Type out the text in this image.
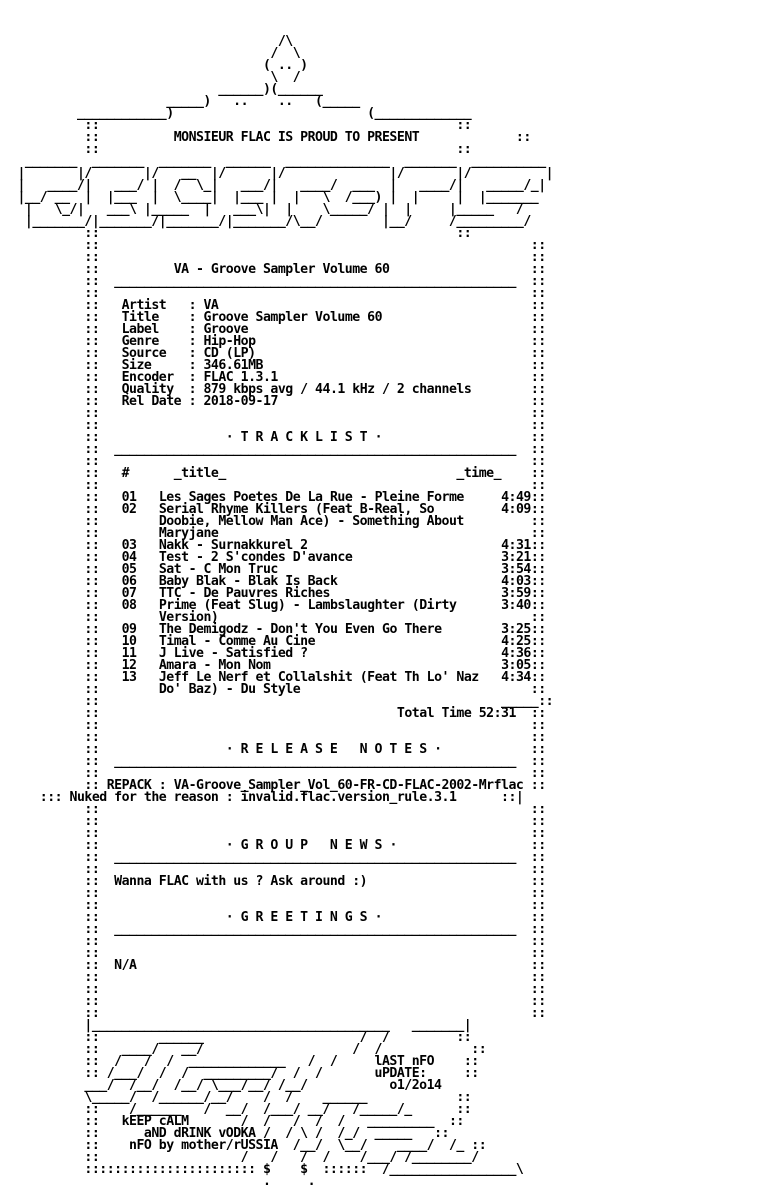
/\
/  \
( .. )
\  /
______)(______
_____)   ..    ..   (_____
____________)                          (_____________
::                                                ::
::	MONSIEUR FLAC IS PROUD TO PRESENT	::
::                                                ::
_______  _______  _______  ______  ______________  _______  __________
|       |/       |/   __  |/      |/              |/       |/          |
|   ____/|   ___/ |  /  \_|   ___/|   ____/  ___  |   ____/|   _____/_|
|__/ __  |  |___  |  \____|  |___ |  |   \  /___) |  |     |  |_______
|   \_/|   ___\ |_____  |   ___\|  |    \_____/ |  |     |_____   /
|_______/|_______/|_______/|_______/\__/        |__/     /_________/
::                                                ::
::                                                          ::
::                                                          ::
::	VA - Groove Sampler Volume 60                   ::
::  ______________________________________________________  ::
::                                                          ::
:: Artist : VA                                          ::
:: Title : Groove Sampler Volume 60                    ::
:: Label : Groove                                      ::
:: Genre : Hip-Hop                                     ::
:: Source : CD (LP)                                     ::
:: Size	: 346.61MB                                    ::
:: Encoder : FLAC 1.3.1                                  ::
:: Quality : 879 kbps avg / 44.1 kHz / 2 channels        ::
:: Rel Date : 2018-09-17                                  ::
::                                                          ::
::                                                          ::
::                 · T R A C K L I S T ·                    ::
::  ______________________________________________________  ::
::                                                          ::
:: #	_title_	_time_    ::
::                                                          ::
:: 01 Les Sages Poetes De La Rue - Pleine Forme	4:49::
:: 02 Serial Rhyme Killers (Feat B-Real, So	4:09::
::	Doobie, Mellow Man Ace) - Something About	::
::	Maryjane	::
:: 03 Nakk - Surnakkurel 2	4:31::
:: 04 Test - 2 S'condes D'avance	3:21::
:: 05 Sat - C Mon Truc	3:54::
:: 06 Baby Blak - Blak Is Back	4:03::
:: 07 TTC - De Pauvres Riches	3:59::
:: 08 Prime (Feat Slug) - Lambslaughter (Dirty	3:40::
::	Version)	::
:: 09 The Demigodz - Don't You Even Go There	3:25::
:: 10 Timal - Comme Au Cine	4:25::
:: 11 J Live - Satisfied ?	4:36::
:: 12 Amara - Mon Nom	3:05::
:: 13 Jeff Le Nerf et Collalshit (Feat Th Lo' Naz 4:34::
::	Do' Baz) - Du Style	::
::                                                      _____::
::	Total Time 52:31  ::
::                                                          ::
::                                                          ::
::                 · R E L E A S E   N O T E S ·            ::
::  ______________________________________________________  ::
::                                                          ::
:: REPACK : VA-Groove_Sampler_Vol_60-FR-CD-FLAC-2002-Mrflac ::
::: Nuked for the reason : invalid.flac.version_rule.3.1	::|
::                                                          ::
::                                                          ::
::                                                          ::
::                 · G R O U P   N E W S ·                  ::
::  ______________________________________________________  ::
::                                                          ::
:: Wanna FLAC with us ? Ask around :)                      ::
::                                                          ::
::                                                          ::
::                 · G R E E T I N G S ·                    ::
::  ______________________________________________________  ::
::                                                          ::
::                                                          ::
:: N/A                                                     ::
::                                                          ::
::                                                          ::
::                                                          ::
::                                                          ::
|________________________________________   _______|
::        ______                     /  /         ::
::   ____/   __/                    /  /            ::
::  /   /  /  _____________   /  /     lAST nFO    ::
:: /___/  /  /  _________/  /  /       uPDATE:     ::
___/  /__/  /__/ \___/__/ /__/           o1/2o14
\_____/  /______/__/    /  /    ______            ::
::    /______   /  __/  /___/ __/   /_____/_      ::
::   kEEP cALM	/  /   /  /  /   _________  ::
::      aND dRINK vODKA /  / \ /  /_/  _____   ::
::    nFO by mother/rUSSIA /__/  \__/    ____/  /_ ::
::                   /   /   /  /    /___/ /________/
::::::::::::::::::::::: $    $  ::::::  /_________________\
.     .
